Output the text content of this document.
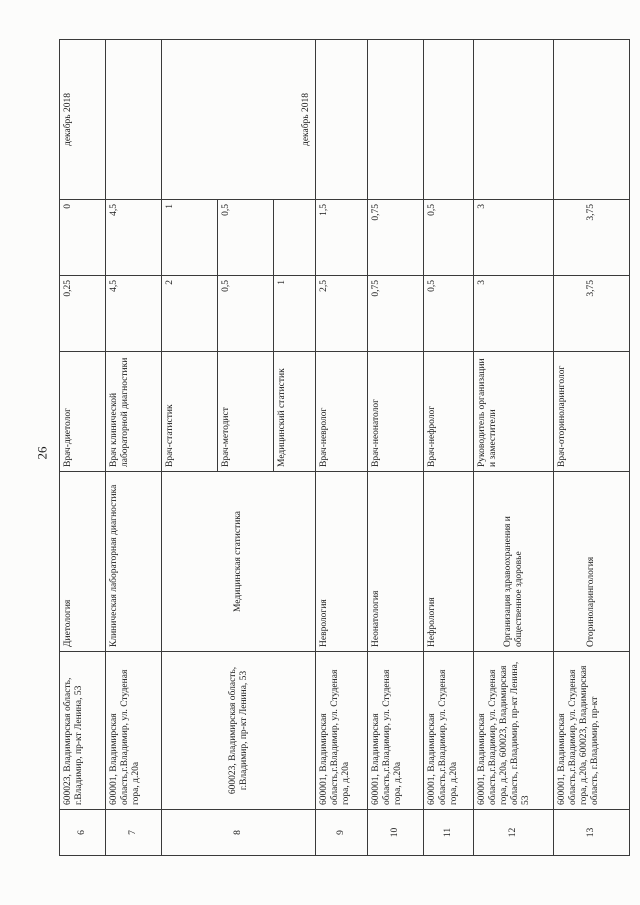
26
6	600023, Владимирская область, г.Владимир, пр-кт Ленина, 53	Диетология	Врач-диетолог	0,25	0	декабрь 2018
7	600001, Владимирская область,г.Владимир, ул. Студеная гора, д.20а	Клиническая лабораторная диагностика	Врач клинической лабораторной диагностики	4,5	4,5	
8	600023, Владимирская область, г.Владимир, пр-кт Ленина, 53	Медицинская статистика	Врач-статистик	2	1	декабрь 2018
			Врач-методист	0,5	0,5	
			Медицинский статистик	1		
9	600001, Владимирская область,г.Владимир, ул. Студеная гора, д.20а	Неврология	Врач-невролог	2,5	1,5	
10	600001, Владимирская область,г.Владимир, ул. Студеная гора, д.20а	Неонатология	Врач-неонатолог	0,75	0,75	
11	600001, Владимирская область,г.Владимир, ул. Студеная гора, д.20а	Нефрология	Врач-нефролог	0,5	0,5	
12	600001, Владимирская область,г.Владимир, ул. Студеная гора, д.20а, 600023, Владимирская область, г.Владимир, пр-кт Ленина, 53	Организация здравоохранения и общественное здоровье	Руководитель организации и заместители	3	3	
13	600001, Владимирская область,г.Владимир, ул. Студеная гора, д.20а, 600023, Владимирская область, г.Владимир, пр-кт	Оториноларингология	Врач-оториноларинголог	3,75	3,75	
